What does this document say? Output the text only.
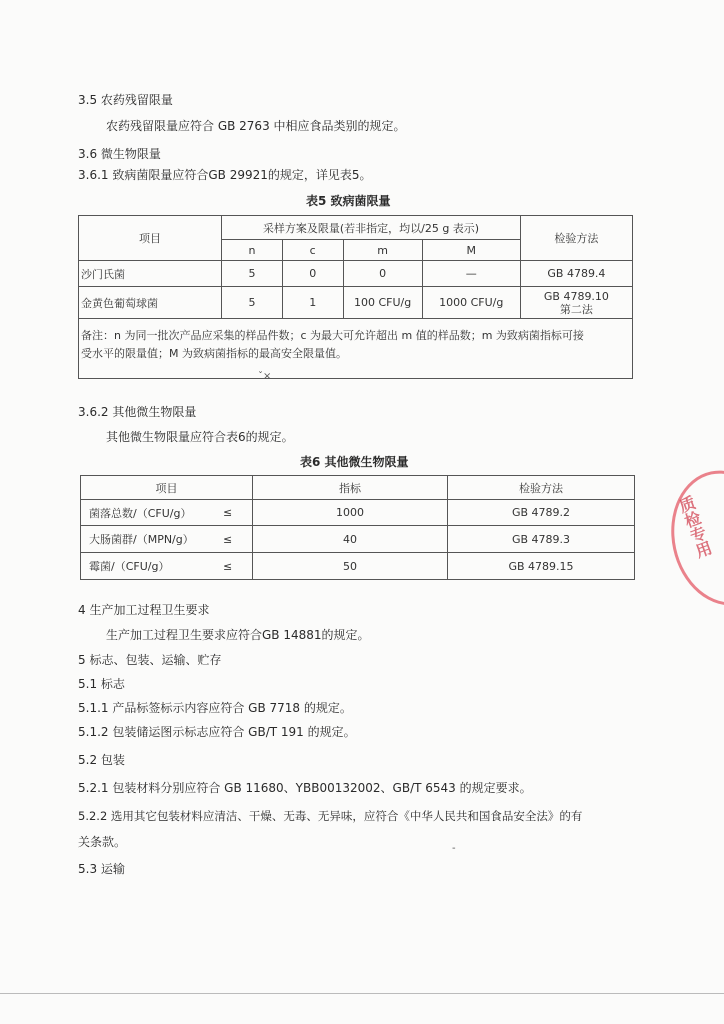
3.5 农药残留限量
农药残留限量应符合 GB 2763 中相应食品类别的规定。
3.6 微生物限量
3.6.1 致病菌限量应符合GB 29921的规定，详见表5。
表5 致病菌限量
项目	采样方案及限量(若非指定，均以/25 g 表示)				检验方法
	n	c	m	M	
沙门氏菌	5	0	0	—	GB 4789.4
金黄色葡萄球菌	5	1	100 CFU/g	1000 CFU/g	GB 4789.10
第二法

备注：n 为同一批次产品应采集的样品件数；c 为最大可允许超出 m 值的样品数；m 为致病菌指标可接
受水平的限量值；M 为致病菌指标的最高安全限量值。					
ˇ×
3.6.2 其他微生物限量
其他微生物限量应符合表6的规定。
表6 其他微生物限量
项目		指标	检验方法
菌落总数/（CFU/g）	≤	1000	GB 4789.2
大肠菌群/（MPN/g）	≤	40	GB 4789.3
霉菌/（CFU/g）	≤	50	GB 4789.15
质检专用
4 生产加工过程卫生要求
生产加工过程卫生要求应符合GB 14881的规定。
5 标志、包装、运输、贮存
5.1 标志
5.1.1 产品标签标示内容应符合 GB 7718 的规定。
5.1.2 包装储运图示标志应符合 GB/T 191 的规定。
5.2 包装
5.2.1 包装材料分别应符合 GB 11680、YBB00132002、GB/T 6543 的规定要求。
5.2.2 选用其它包装材料应清洁、干燥、无毒、无异味，应符合《中华人民共和国食品安全法》的有
关条款。
5.3 运输
-
